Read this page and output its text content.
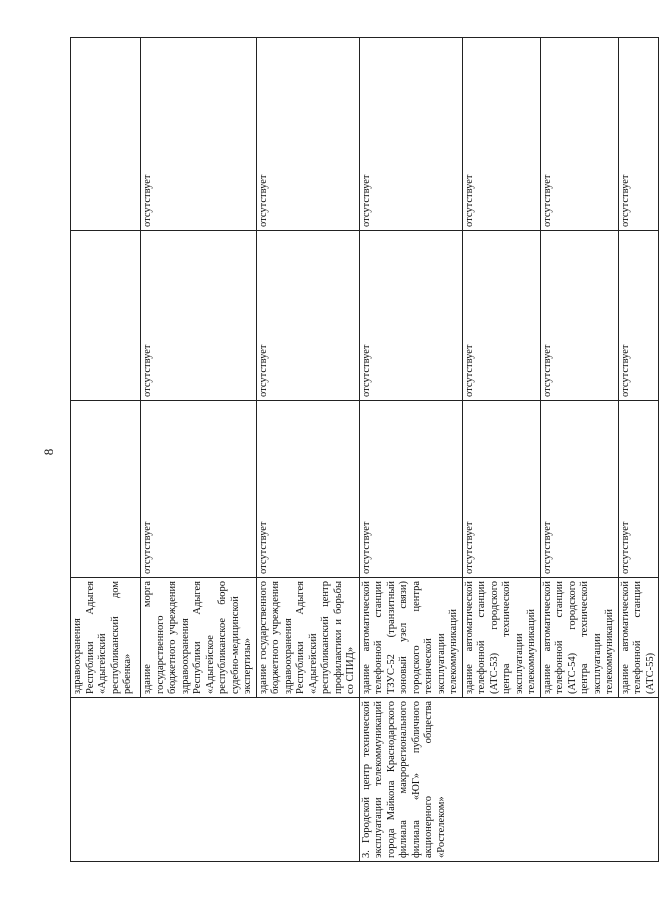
8
	здравоохранения Республики Адыгея «Адыгейский республиканский дом ребенка»			
	здание морга государственного бюджетного учреждения здравоохранения Республики Адыгея «Адыгейское республиканское бюро судебно-медицинской экспертизы»	отсутствует	отсутствует	отсутствует
	здание государственного бюджетного учреждения здравоохранения Республики Адыгея «Адыгейский республиканский центр профилактики и борьбы со СПИД»	отсутствует	отсутствует	отсутствует
3. Городской центр технической эксплуатации телекоммуникаций города Майкопа Краснодарского филиала макрорегионального филиала «ЮГ» публичного акционерного общества «Ростелеком»	здание автоматической телефонной станции ТЗУС-52 (транзитный зоновый узел связи) городского центра технической эксплуатации телекоммуникаций	отсутствует	отсутствует	отсутствует
	здание автоматической телефонной станции (АТС-53) городского центра технической эксплуатации телекоммуникаций	отсутствует	отсутствует	отсутствует
	здание автоматической телефонной станции (АТС-54) городского центра технической эксплуатации телекоммуникаций	отсутствует	отсутствует	отсутствует
	здание автоматической телефонной станции (АТС-55)	отсутствует	отсутствует	отсутствует
